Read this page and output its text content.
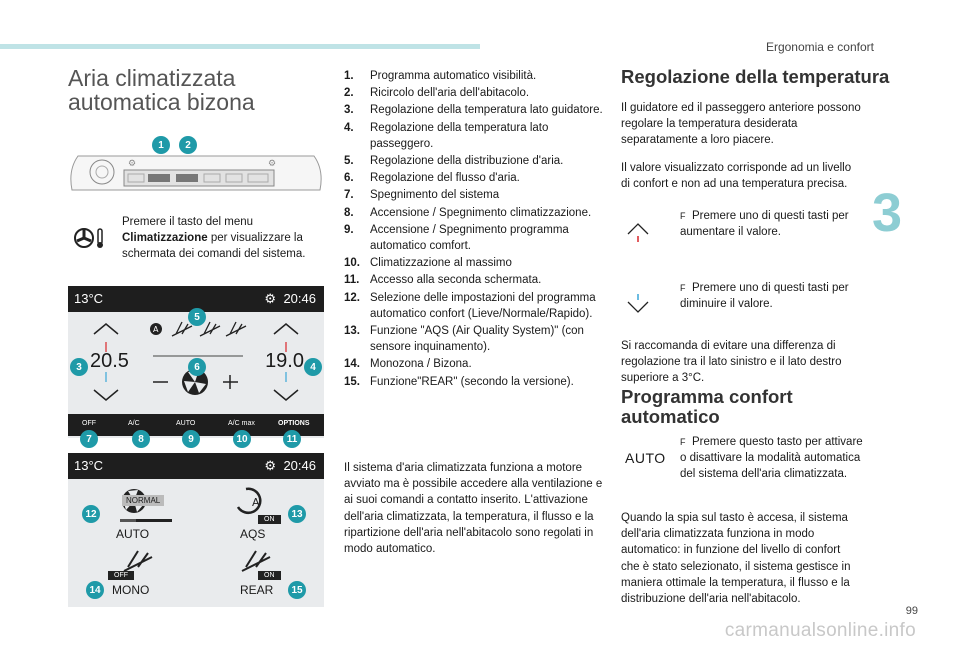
Ergonomia e confort
3
99
carmanualsonline.info
Aria climatizzata automatica bizona
⚙	⚙
1	2
Premere il tasto del menu Climatizzazione per visualizzare la schermata dei comandi del sistema.
13°C	⚙ 20:46
A
20.5	19.0
OFF	A/C	AUTO	A/C max	OPTIONS
5
6
3	4
7	8	9	10	11
13°C	⚙ 20:46
A
NORMAL
AUTO
ON
AQS
OFF
MONO
ON
REAR
12	13
14	15
1. Programma automatico visibilità.
2. Ricircolo dell'aria dell'abitacolo.
3. Regolazione della temperatura lato guidatore.
4. Regolazione della temperatura lato passeggero.
5. Regolazione della distribuzione d'aria.
6. Regolazione del flusso d'aria.
7. Spegnimento del sistema
8. Accensione / Spegnimento climatizzazione.
9. Accensione / Spegnimento programma automatico comfort.
10. Climatizzazione al massimo
11. Accesso alla seconda schermata.
12. Selezione delle impostazioni del programma automatico confort (Lieve/Normale/Rapido).
13. Funzione "AQS (Air Quality System)" (con sensore inquinamento).
14. Monozona / Bizona.
15. Funzione"REAR" (secondo la versione).
Il sistema d'aria climatizzata funziona a motore avviato ma è possibile accedere alla ventilazione e ai suoi comandi a contatto inserito. L'attivazione dell'aria climatizzata, la temperatura, il flusso e la ripartizione dell'aria nell'abitacolo sono regolati in modo automatico.
Regolazione della temperatura
Il guidatore ed il passeggero anteriore possono regolare la temperatura desiderata separatamente a loro piacere.
Il valore visualizzato corrisponde ad un livello di confort e non ad una temperatura precisa.
F Premere uno di questi tasti per aumentare il valore.
F Premere uno di questi tasti per diminuire il valore.
Si raccomanda di evitare una differenza di regolazione tra il lato sinistro e il lato destro superiore a 3°C.
Programma confort automatico
AUTO
F Premere questo tasto per attivare o disattivare la modalità automatica del sistema dell'aria climatizzata.
Quando la spia sul tasto è accesa, il sistema dell'aria climatizzata funziona in modo automatico: in funzione del livello di confort che è stato selezionato, il sistema gestisce in maniera ottimale la temperatura, il flusso e la distribuzione dell'aria nell'abitacolo.
